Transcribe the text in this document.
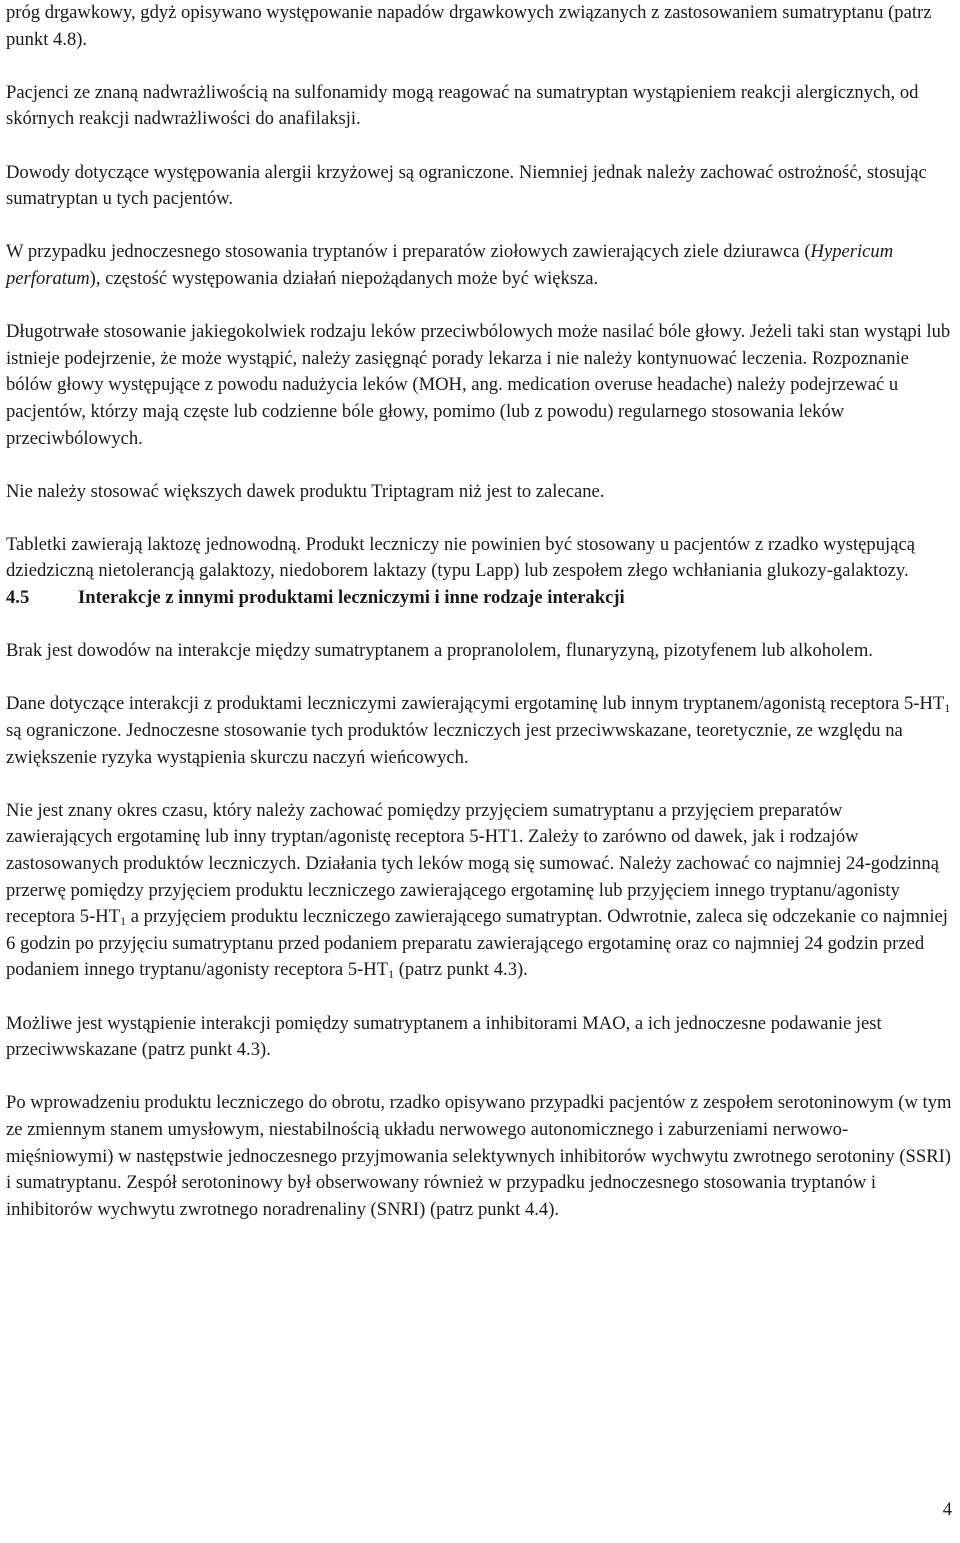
próg drgawkowy, gdyż opisywano występowanie napadów drgawkowych związanych z zastosowaniem sumatryptanu (patrz punkt 4.8).

Pacjenci ze znaną nadwrażliwością na sulfonamidy mogą reagować na sumatryptan wystąpieniem reakcji alergicznych, od skórnych reakcji nadwrażliwości do anafilaksji.

Dowody dotyczące występowania alergii krzyżowej są ograniczone. Niemniej jednak należy zachować ostrożność, stosując sumatryptan u tych pacjentów.

W przypadku jednoczesnego stosowania tryptanów i preparatów ziołowych zawierających ziele dziurawca (Hypericum perforatum), częstość występowania działań niepożądanych może być większa.

Długotrwałe stosowanie jakiegokolwiek rodzaju leków przeciwbólowych może nasilać bóle głowy. Jeżeli taki stan wystąpi lub istnieje podejrzenie, że może wystąpić, należy zasięgnąć porady lekarza i nie należy kontynuować leczenia. Rozpoznanie bólów głowy występujące z powodu nadużycia leków (MOH, ang. medication overuse headache) należy podejrzewać u pacjentów, którzy mają częste lub codzienne bóle głowy, pomimo (lub z powodu) regularnego stosowania leków przeciwbólowych.

Nie należy stosować większych dawek produktu Triptagram niż jest to zalecane.

Tabletki zawierają laktozę jednowodną. Produkt leczniczy nie powinien być stosowany u pacjentów z rzadko występującą dziedziczną nietolerancją galaktozy, niedoborem laktazy (typu Lapp) lub zespołem złego wchłaniania glukozy-galaktozy.

4.5	Interakcje z innymi produktami leczniczymi i inne rodzaje interakcji

Brak jest dowodów na interakcje między sumatryptanem a propranololem, flunaryzyną, pizotyfenem lub alkoholem.

Dane dotyczące interakcji z produktami leczniczymi zawierającymi ergotaminę lub innym tryptanem/agonistą receptora $5-HT_1$ są ograniczone. Jednoczesne stosowanie tych produktów leczniczych jest przeciwwskazane, teoretycznie, ze względu na zwiększenie ryzyka wystąpienia skurczu naczyń wieńcowych.

Nie jest znany okres czasu, który należy zachować pomiędzy przyjęciem sumatryptanu a przyjęciem preparatów zawierających ergotaminę lub inny tryptan/agonistę receptora 5-HT1. Zależy to zarówno od dawek, jak i rodzajów zastosowanych produktów leczniczych. Działania tych leków mogą się sumować. Należy zachować co najmniej 24-godzinną przerwę pomiędzy przyjęciem produktu leczniczego zawierającego ergotaminę lub przyjęciem innego tryptanu/agonisty receptora $5-HT_1$ a przyjęciem produktu leczniczego zawierającego sumatryptan. Odwrotnie, zaleca się odczekanie co najmniej 6 godzin po przyjęciu sumatryptanu przed podaniem preparatu zawierającego ergotaminę oraz co najmniej 24 godzin przed podaniem innego tryptanu/agonisty receptora $5-HT_1$ (patrz punkt 4.3).

Możliwe jest wystąpienie interakcji pomiędzy sumatryptanem a inhibitorami MAO, a ich jednoczesne podawanie jest przeciwwskazane (patrz punkt 4.3).

Po wprowadzeniu produktu leczniczego do obrotu, rzadko opisywano przypadki pacjentów z zespołem serotoninowym (w tym ze zmiennym stanem umysłowym, niestabilnością układu nerwowego autonomicznego i zaburzeniami nerwowo-mięśniowymi) w następstwie jednoczesnego przyjmowania selektywnych inhibitorów wychwytu zwrotnego serotoniny (SSRI) i sumatryptanu. Zespół serotoninowy był obserwowany również w przypadku jednoczesnego stosowania tryptanów i inhibitorów wychwytu zwrotnego noradrenaliny (SNRI) (patrz punkt 4.4).

4
